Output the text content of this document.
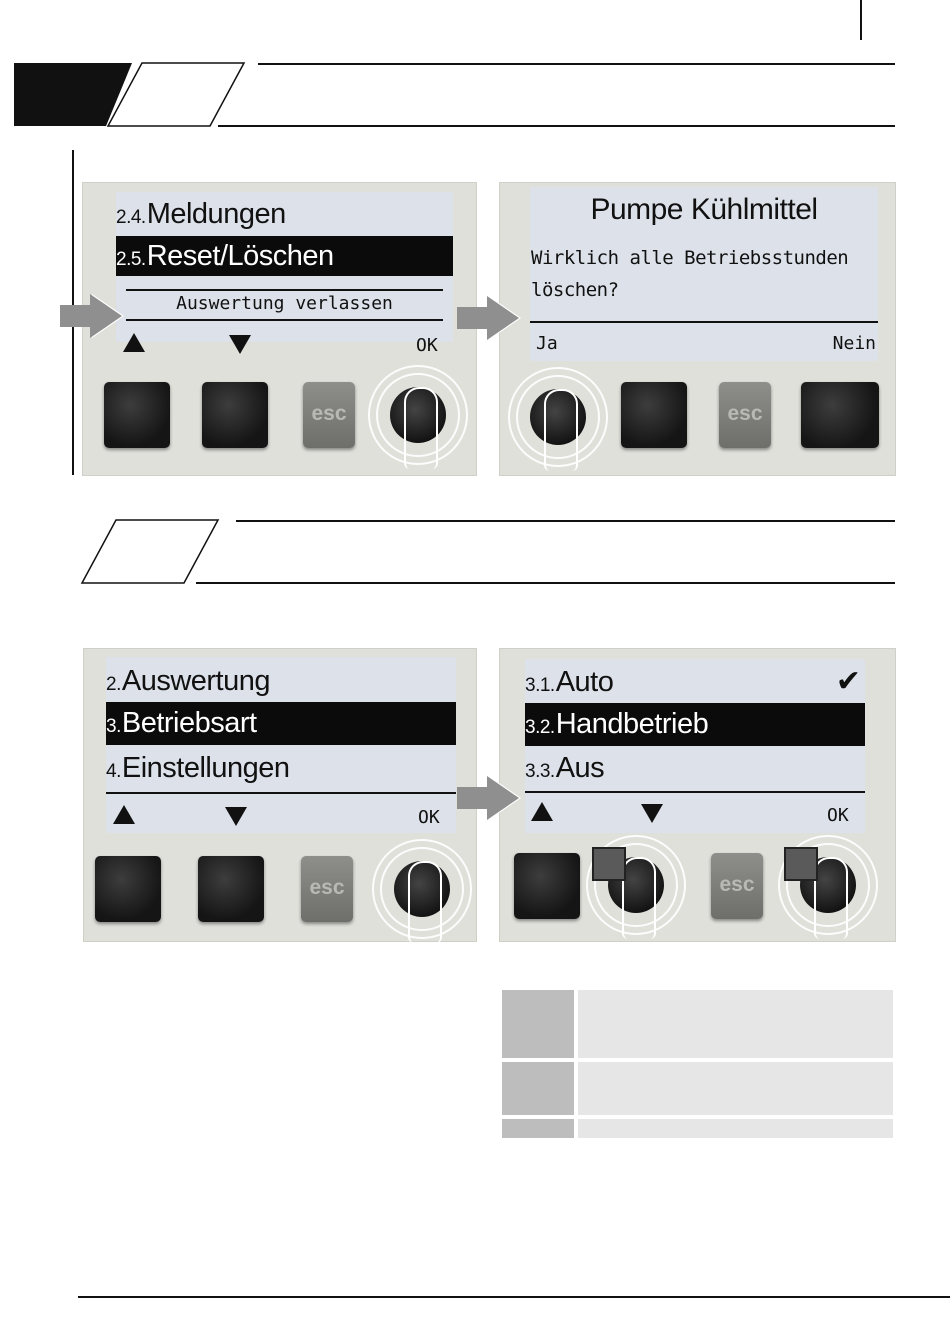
2.4.Meldungen
2.5.Reset/Löschen
Auswertung verlassen
OK
esc
Pumpe Kühlmittel
Wirklich alle Betriebsstunden
löschen?
Ja	Nein
esc
2.Auswertung
3.Betriebsart
4.Einstellungen
OK
esc
3.1.Auto	✔
3.2.Handbetrieb
3.3.Aus
OK
esc
